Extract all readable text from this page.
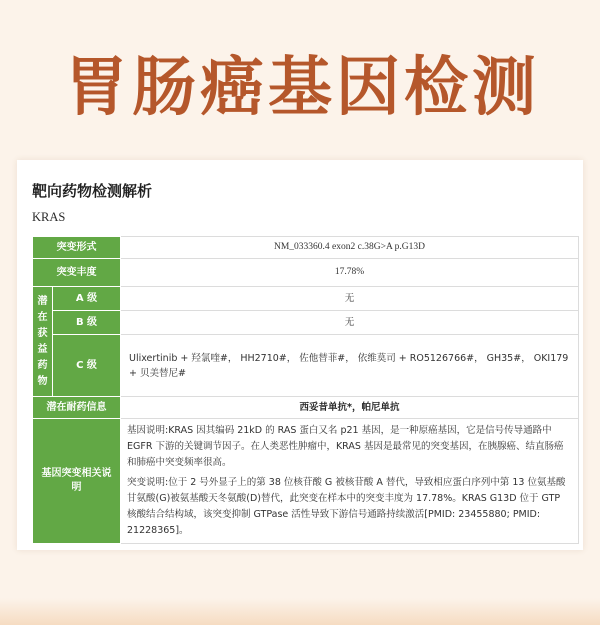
胃肠癌基因检测
靶向药物检测解析
KRAS
突变形式		NM_033360.4 exon2 c.38G>A p.G13D
突变丰度		17.78%
潜在获益药物	A 级	无
	B 级	无
	C 级	Ulixertinib + 羟氯喹#， HH2710#， 佐他替菲#， 依维莫司 + RO5126766#， GH35#， OKI179 + 贝美替尼#
潜在耐药信息		西妥昔单抗*，帕尼单抗
基因突变相关说明		基因说明:KRAS 因其编码 21kD 的 RAS 蛋白又名 p21 基因，是一种原癌基因，它是信号传导通路中 EGFR 下游的关键调节因子。在人类恶性肿瘤中，KRAS 基因是最常见的突变基因，在胰腺癌、结直肠癌和肺癌中突变频率很高。

突变说明:位于 2 号外显子上的第 38 位核苷酸 G 被核苷酸 A 替代，导致相应蛋白序列中第 13 位氨基酸甘氨酸(G)被氨基酸天冬氨酸(D)替代，此突变在样本中的突变丰度为 17.78%。KRAS G13D 位于 GTP 核酸结合结构域，该突变抑制 GTPase 活性导致下游信号通路持续激活[PMID: 23455880; PMID: 21228365]。
